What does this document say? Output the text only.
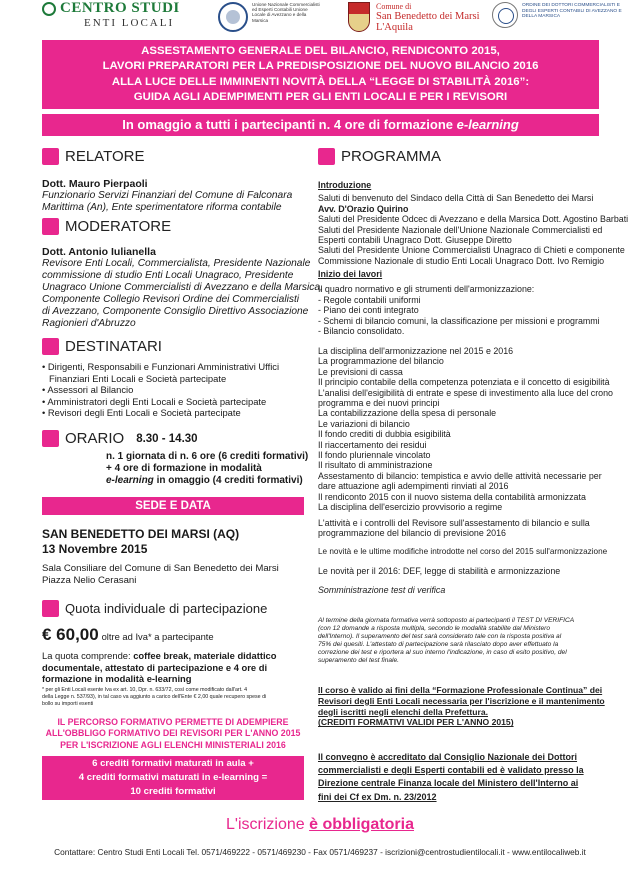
CENTRO STUDI
ENTI LOCALI
Unione Nazionale Commercialisti ed Esperti Contabili Unione Locale di Avezzano e della Marsica
Comune di
San Benedetto dei Marsi
L'Aquila
ORDINE DEI DOTTORI COMMERCIALISTI E DEGLI ESPERTI CONTABILI DI AVEZZANO E DELLA MARSICA
ASSESTAMENTO GENERALE DEL BILANCIO, RENDICONTO 2015,
LAVORI PREPARATORI PER LA PREDISPOSIZIONE DEL NUOVO BILANCIO 2016
ALLA LUCE DELLE IMMINENTI NOVITÀ DELLA “LEGGE DI STABILITÀ 2016”:
GUIDA AGLI ADEMPIMENTI PER GLI ENTI LOCALI E PER I REVISORI
In omaggio a tutti i partecipanti n. 4 ore di formazione e-learning
RELATORE
Dott. Mauro Pierpaoli
Funzionario Servizi Finanziari del Comune di Falconara
Marittima (An), Ente sperimentatore riforma contabile
MODERATORE
Dott. Antonio Iulianella
Revisore Enti Locali, Commercialista, Presidente Nazionale
commissione di studio Enti Locali Unagraco, Presidente
Unagraco Unione Commercialisti di Avezzano e della Marsica,
Componente Collegio Revisori Ordine dei Commercialisti
di Avezzano, Componente Consiglio Direttivo Associazione
Ragionieri d'Abruzzo
DESTINATARI
• Dirigenti, Responsabili e Funzionari Amministrativi Uffici
Finanziari Enti Locali e Società partecipate
• Assessori al Bilancio
• Amministratori degli Enti Locali e Società partecipate
• Revisori degli Enti Locali e Società partecipate
ORARIO 8.30 - 14.30
n. 1 giornata di n. 6 ore (6 crediti formativi)
+ 4 ore di formazione in modalità
e-learning in omaggio (4 crediti formativi)
SEDE E DATA
SAN BENEDETTO DEI MARSI (AQ)
13 Novembre 2015
Sala Consiliare del Comune di San Benedetto dei Marsi
Piazza Nelio Cerasani
Quota individuale di partecipazione
€ 60,00 oltre ad Iva* a partecipante
La quota comprende: coffee break, materiale didattico
documentale, attestato di partecipazione e 4 ore di
formazione in modalità e-learning
* per gli Enti Locali esente Iva ex art. 10, Dpr. n. 633/72, così come modificato dall'art. 4
della Legge n. 537/93), in tal caso va aggiunto a carico dell'Ente € 2,00 quale recupero spese di
bollo su importi esenti
IL PERCORSO FORMATIVO PERMETTE DI ADEMPIERE
ALL'OBBLIGO FORMATIVO DEI REVISORI PER L'ANNO 2015
PER L'ISCRIZIONE AGLI ELENCHI MINISTERIALI 2016
6 crediti formativi maturati in aula +
4 crediti formativi maturati in e-learning =
10 crediti formativi
PROGRAMMA
Introduzione
Saluti di benvenuto del Sindaco della Città di San Benedetto dei Marsi
Avv. D'Orazio Quirino
Saluti del Presidente Odcec di Avezzano e della Marsica Dott. Agostino Barbati
Saluti del Presidente Nazionale dell'Unione Nazionale Commercialisti ed
Esperti contabili Unagraco Dott. Giuseppe Diretto
Saluti del Presidente Unione Commercialisti Unagraco di Chieti e componente
Commissione Nazionale di studio Enti Locali Unagraco Dott. Ivo Remigio
Inizio dei lavori
Il quadro normativo e gli strumenti dell'armonizzazione:
- Regole contabili uniformi
- Piano dei conti integrato
- Schemi di bilancio comuni, la classificazione per missioni e programmi
- Bilancio consolidato.
La disciplina dell'armonizzazione nel 2015 e 2016
La programmazione del bilancio
Le previsioni di cassa
Il principio contabile della competenza potenziata e il concetto di esigibilità
L'analisi dell'esigibilità di entrate e spese di investimento alla luce del crono
programma e dei nuovi principi
La contabilizzazione della spesa di personale
Le variazioni di bilancio
Il fondo crediti di dubbia esigibilità
Il riaccertamento dei residui
Il fondo pluriennale vincolato
Il risultato di amministrazione
Assestamento di bilancio: tempistica e avvio delle attività necessarie per
dare attuazione agli adempimenti rinviati al 2016
Il rendiconto 2015 con il nuovo sistema della contabilità armonizzata
La disciplina dell'esercizio provvisorio a regime
L'attività e i controlli del Revisore sull'assestamento di bilancio e sulla
programmazione del bilancio di previsione 2016
Le novità e le ultime modifiche introdotte nel corso del 2015 sull'armonizzazione
Le novità per il 2016: DEF, legge di stabilità e armonizzazione
Somministrazione test di verifica
Al termine della giornata formativa verrà sottoposto ai partecipanti il TEST DI VERIFICA
(con 12 domande a risposta multipla, secondo le modalità stabilite dal Ministero
dell'Interno). Il superamento del test sarà considerato tale con la risposta positiva al
75% dei quesiti. L'attestato di partecipazione sarà rilasciato dopo aver effettuato la
correzione dei test e riportera al suo interno l'indicazione, in caso di esito positivo, del
superamento del test finale.
Il corso è valido ai fini della “Formazione Professionale Continua” dei
Revisori degli Enti Locali necessaria per l'iscrizione e il mantenimento
degli iscritti negli elenchi della Prefettura.
(CREDITI FORMATIVI VALIDI PER L'ANNO 2015)
Il convegno è accreditato dal Consiglio Nazionale dei Dottori
commercialisti e degli Esperti contabili ed è validato presso la
Direzione centrale Finanza locale del Ministero dell'Interno ai
fini dei Cf ex Dm. n. 23/2012
L'iscrizione è obbligatoria
Contattare: Centro Studi Enti Locali Tel. 0571/469222 - 0571/469230 - Fax 0571/469237 - iscrizioni@centrostudientilocali.it - www.entilocaliweb.it
